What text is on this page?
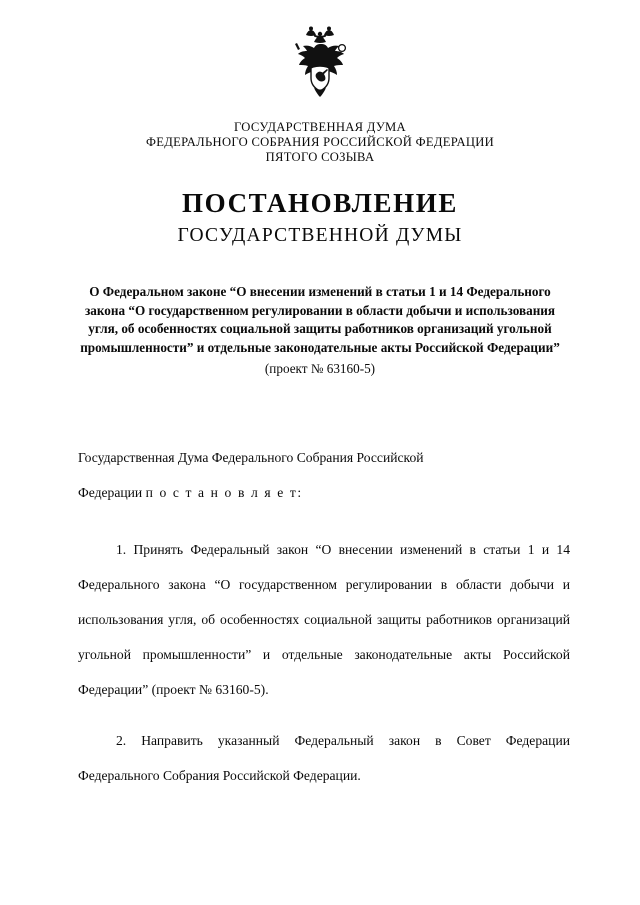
ГОСУДАРСТВЕННАЯ ДУМА
ФЕДЕРАЛЬНОГО СОБРАНИЯ РОССИЙСКОЙ ФЕДЕРАЦИИ
ПЯТОГО СОЗЫВА
ПОСТАНОВЛЕНИЕ
ГОСУДАРСТВЕННОЙ ДУМЫ
О Федеральном законе “О внесении изменений в статьи 1 и 14 Федерального закона “О государственном регулировании в области добычи и использования угля, об особенностях социальной защиты работников организаций угольной промышленности” и отдельные законодательные акты Российской Федерации”
(проект № 63160-5)

Государственная Дума Федерального Собрания Российской

Федерации п о с т а н о в л я е т:

1. Принять Федеральный закон “О внесении изменений в статьи 1 и 14 Федерального закона “О государственном регулировании в области добычи и использования угля, об особенностях социальной защиты работников организаций угольной промышленности” и отдельные законодательные акты Российской Федерации” (проект № 63160-5).

2. Направить указанный Федеральный закон в Совет Федерации Федерального Собрания Российской Федерации.
